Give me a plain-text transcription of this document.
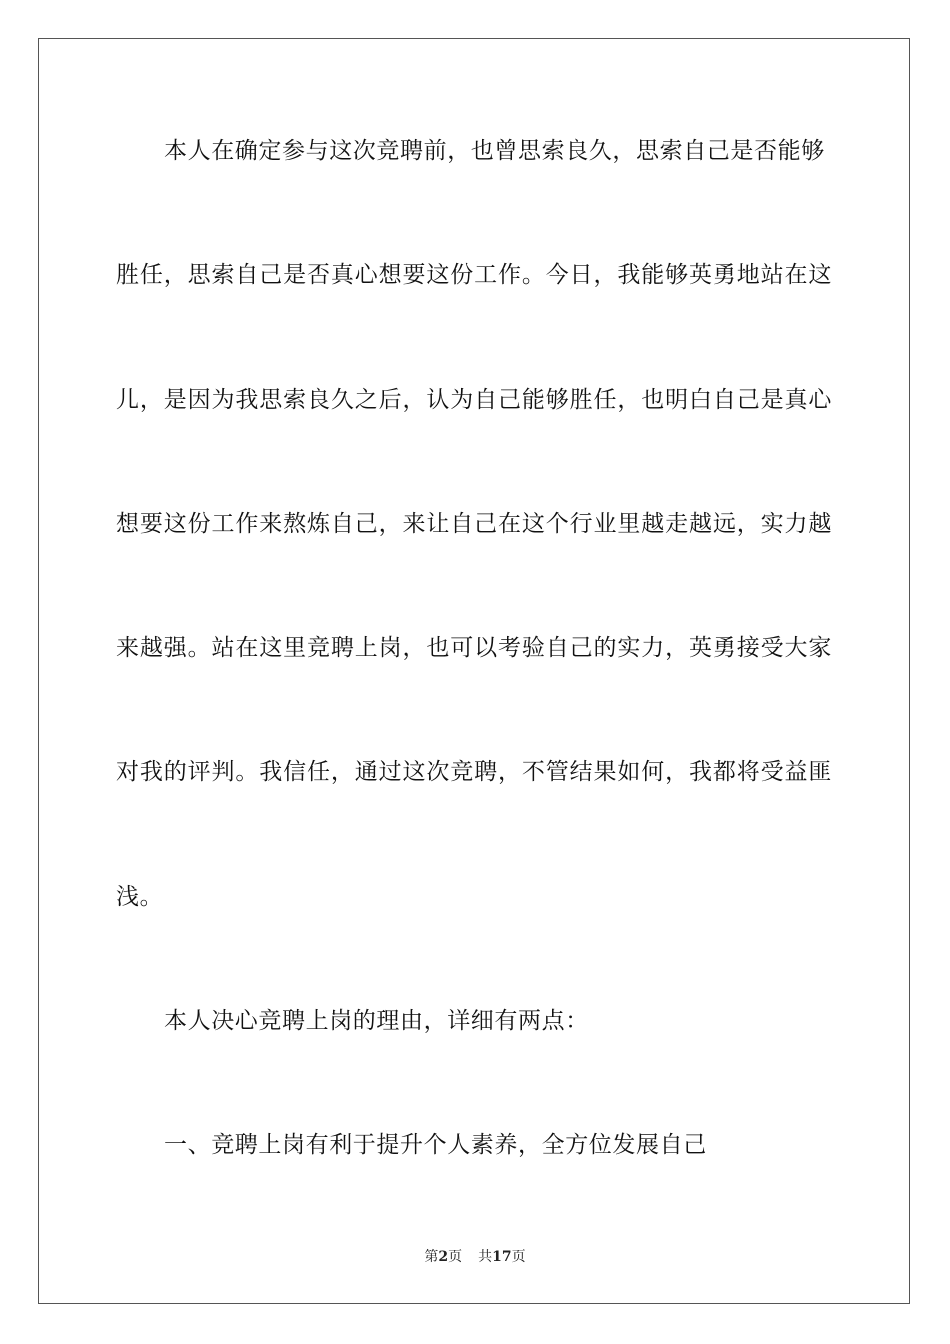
本人在确定参与这次竞聘前，也曾思索良久，思索自己是否能够
胜任，思索自己是否真心想要这份工作。今日，我能够英勇地站在这
儿，是因为我思索良久之后，认为自己能够胜任，也明白自己是真心
想要这份工作来熬炼自己，来让自己在这个行业里越走越远，实力越
来越强。站在这里竞聘上岗，也可以考验自己的实力，英勇接受大家
对我的评判。我信任，通过这次竞聘，不管结果如何，我都将受益匪
浅。
本人决心竞聘上岗的理由，详细有两点：
一、竞聘上岗有利于提升个人素养，全方位发展自己
第2页 共17页
